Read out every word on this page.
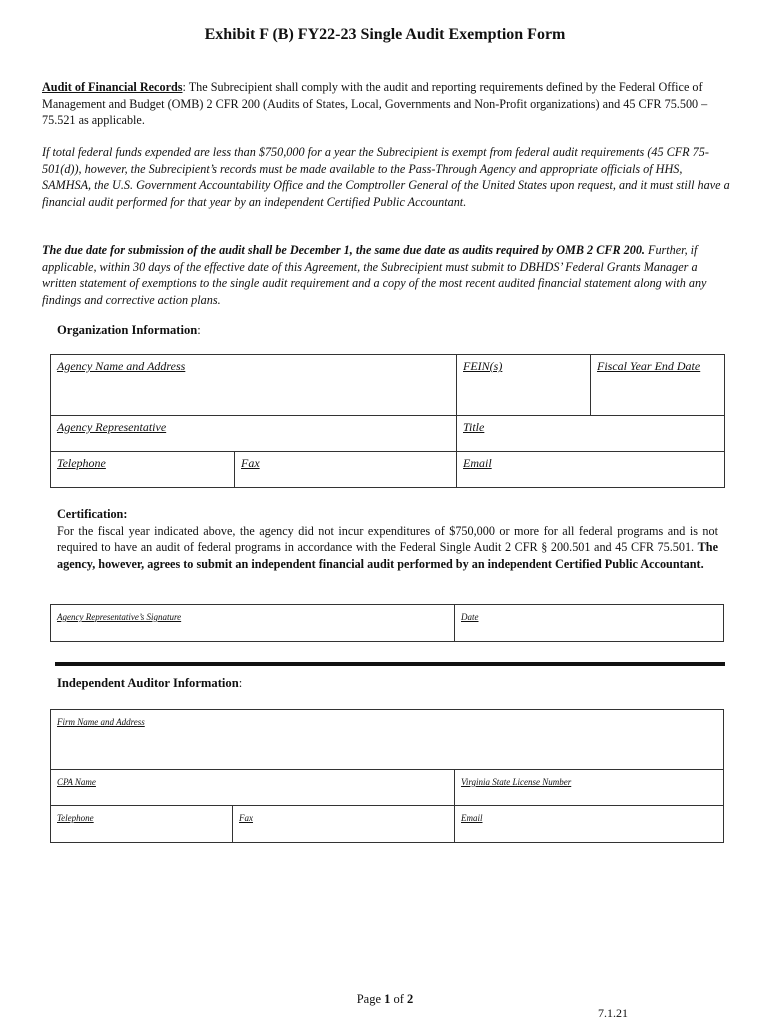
Exhibit F (B) FY22-23 Single Audit Exemption Form
Audit of Financial Records: The Subrecipient shall comply with the audit and reporting requirements defined by the Federal Office of Management and Budget (OMB) 2 CFR 200 (Audits of States, Local, Governments and Non-Profit organizations) and 45 CFR 75.500 – 75.521 as applicable.
If total federal funds expended are less than $750,000 for a year the Subrecipient is exempt from federal audit requirements (45 CFR 75-501(d)), however, the Subrecipient’s records must be made available to the Pass-Through Agency and appropriate officials of HHS, SAMHSA, the U.S. Government Accountability Office and the Comptroller General of the United States upon request, and it must still have a financial audit performed for that year by an independent Certified Public Accountant.
The due date for submission of the audit shall be December 1, the same due date as audits required by OMB 2 CFR 200. Further, if applicable, within 30 days of the effective date of this Agreement, the Subrecipient must submit to DBHDS’ Federal Grants Manager a written statement of exemptions to the single audit requirement and a copy of the most recent audited financial statement along with any findings and corrective action plans.
Organization Information:
Agency Name and Address		FEIN(s)	Fiscal Year End Date
Agency Representative		Title	
Telephone	Fax	Email	
Certification:
For the fiscal year indicated above, the agency did not incur expenditures of $750,000 or more for all federal programs and is not required to have an audit of federal programs in accordance with the Federal Single Audit 2 CFR § 200.501 and 45 CFR 75.501. The agency, however, agrees to submit an independent financial audit performed by an independent Certified Public Accountant.
Agency Representative’s Signature	Date
Independent Auditor Information:
Firm Name and Address		
CPA Name		Virginia State License Number
Telephone	Fax	Email
Page 1 of 2
7.1.21
